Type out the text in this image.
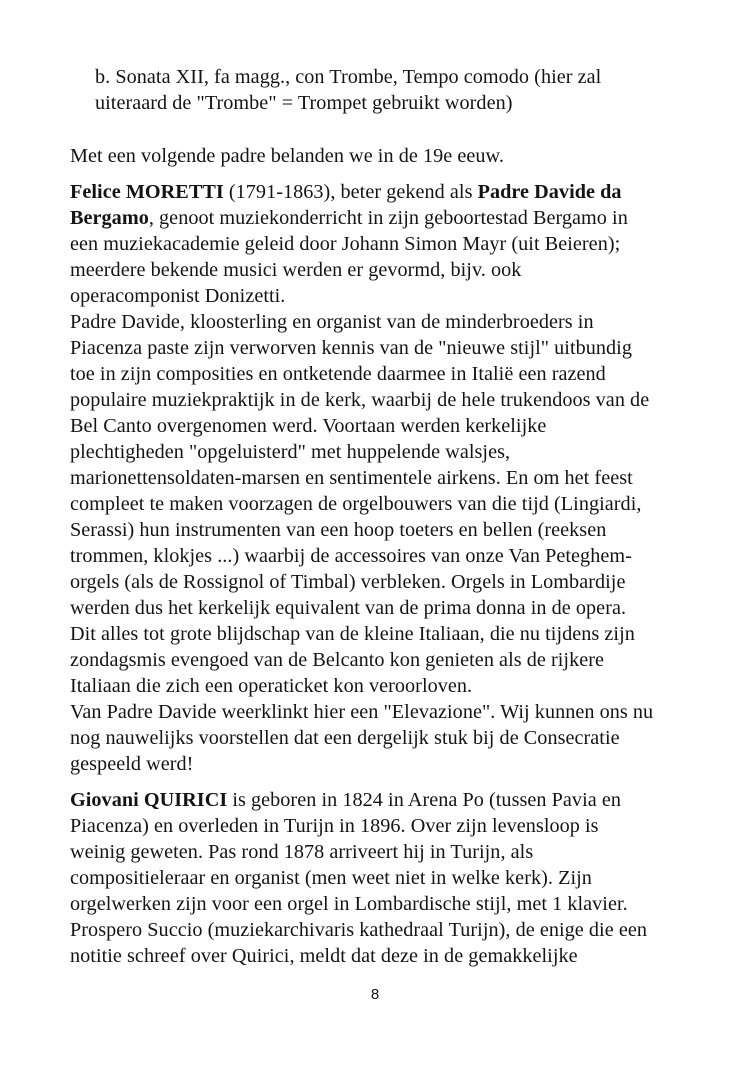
b. Sonata XII, fa magg., con Trombe, Tempo comodo (hier zal
uiteraard de "Trombe" = Trompet gebruikt worden)
Met een volgende padre belanden we in de 19e eeuw.
Felice MORETTI (1791-1863), beter gekend als Padre Davide da
Bergamo, genoot muziekonderricht in zijn geboortestad Bergamo in
een muziekacademie geleid door Johann Simon Mayr (uit Beieren);
meerdere bekende musici werden er gevormd, bijv. ook
operacomponist Donizetti.
Padre Davide, kloosterling en organist van de minderbroeders in
Piacenza paste zijn verworven kennis van de "nieuwe stijl" uitbundig
toe in zijn composities en ontketende daarmee in Italië een razend
populaire muziekpraktijk in de kerk, waarbij de hele trukendoos van de
Bel Canto overgenomen werd. Voortaan werden kerkelijke
plechtigheden "opgeluisterd" met huppelende walsjes,
marionettensoldaten-marsen en sentimentele airkens. En om het feest
compleet te maken voorzagen de orgelbouwers van die tijd (Lingiardi,
Serassi) hun instrumenten van een hoop toeters en bellen (reeksen
trommen, klokjes ...) waarbij de accessoires van onze Van Peteghem-
orgels (als de Rossignol of Timbal) verbleken. Orgels in Lombardije
werden dus het kerkelijk equivalent van de prima donna in de opera.
Dit alles tot grote blijdschap van de kleine Italiaan, die nu tijdens zijn
zondagsmis evengoed van de Belcanto kon genieten als de rijkere
Italiaan die zich een operaticket kon veroorloven.
Van Padre Davide weerklinkt hier een "Elevazione". Wij kunnen ons nu
nog nauwelijks voorstellen dat een dergelijk stuk bij de Consecratie
gespeeld werd!
Giovani QUIRICI is geboren in 1824 in Arena Po (tussen Pavia en
Piacenza) en overleden in Turijn in 1896. Over zijn levensloop is
weinig geweten. Pas rond 1878 arriveert hij in Turijn, als
compositieleraar en organist (men weet niet in welke kerk). Zijn
orgelwerken zijn voor een orgel in Lombardische stijl, met 1 klavier.
Prospero Succio (muziekarchivaris kathedraal Turijn), de enige die een
notitie schreef over Quirici, meldt dat deze in de gemakkelijke
8
